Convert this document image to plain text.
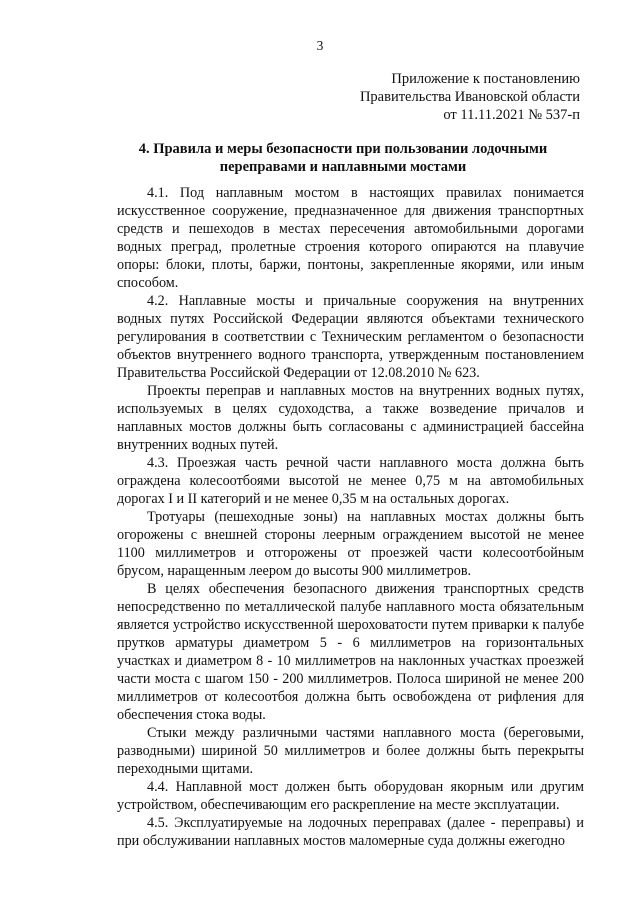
3
Приложение к постановлению
Правительства Ивановской области
от 11.11.2021 № 537-п
4. Правила и меры безопасности при пользовании лодочными
переправами и наплавными мостами

4.1. Под наплавным мостом в настоящих правилах понимается искусственное сооружение, предназначенное для движения транспортных средств и пешеходов в местах пересечения автомобильными дорогами водных преград, пролетные строения которого опираются на плавучие опоры: блоки, плоты, баржи, понтоны, закрепленные якорями, или иным способом.

4.2. Наплавные мосты и причальные сооружения на внутренних водных путях Российской Федерации являются объектами технического регулирования в соответствии с Техническим регламентом о безопасности объектов внутреннего водного транспорта, утвержденным постановлением Правительства Российской Федерации от 12.08.2010 № 623.

Проекты переправ и наплавных мостов на внутренних водных путях, используемых в целях судоходства, а также возведение причалов и наплавных мостов должны быть согласованы с администрацией бассейна внутренних водных путей.

4.3. Проезжая часть речной части наплавного моста должна быть ограждена колесоотбоями высотой не менее 0,75 м на автомобильных дорогах I и II категорий и не менее 0,35 м на остальных дорогах.

Тротуары (пешеходные зоны) на наплавных мостах должны быть огорожены с внешней стороны леерным ограждением высотой не менее 1100 миллиметров и отгорожены от проезжей части колесоотбойным брусом, наращенным леером до высоты 900 миллиметров.

В целях обеспечения безопасного движения транспортных средств непосредственно по металлической палубе наплавного моста обязательным является устройство искусственной шероховатости путем приварки к палубе прутков арматуры диаметром 5 - 6 миллиметров на горизонтальных участках и диаметром 8 - 10 миллиметров на наклонных участках проезжей части моста с шагом 150 - 200 миллиметров. Полоса шириной не менее 200 миллиметров от колесоотбоя должна быть освобождена от рифления для обеспечения стока воды.

Стыки между различными частями наплавного моста (береговыми, разводными) шириной 50 миллиметров и более должны быть перекрыты переходными щитами.

4.4. Наплавной мост должен быть оборудован якорным или другим устройством, обеспечивающим его раскрепление на месте эксплуатации.

4.5. Эксплуатируемые на лодочных переправах (далее - переправы) и при обслуживании наплавных мостов маломерные суда должны ежегодно
